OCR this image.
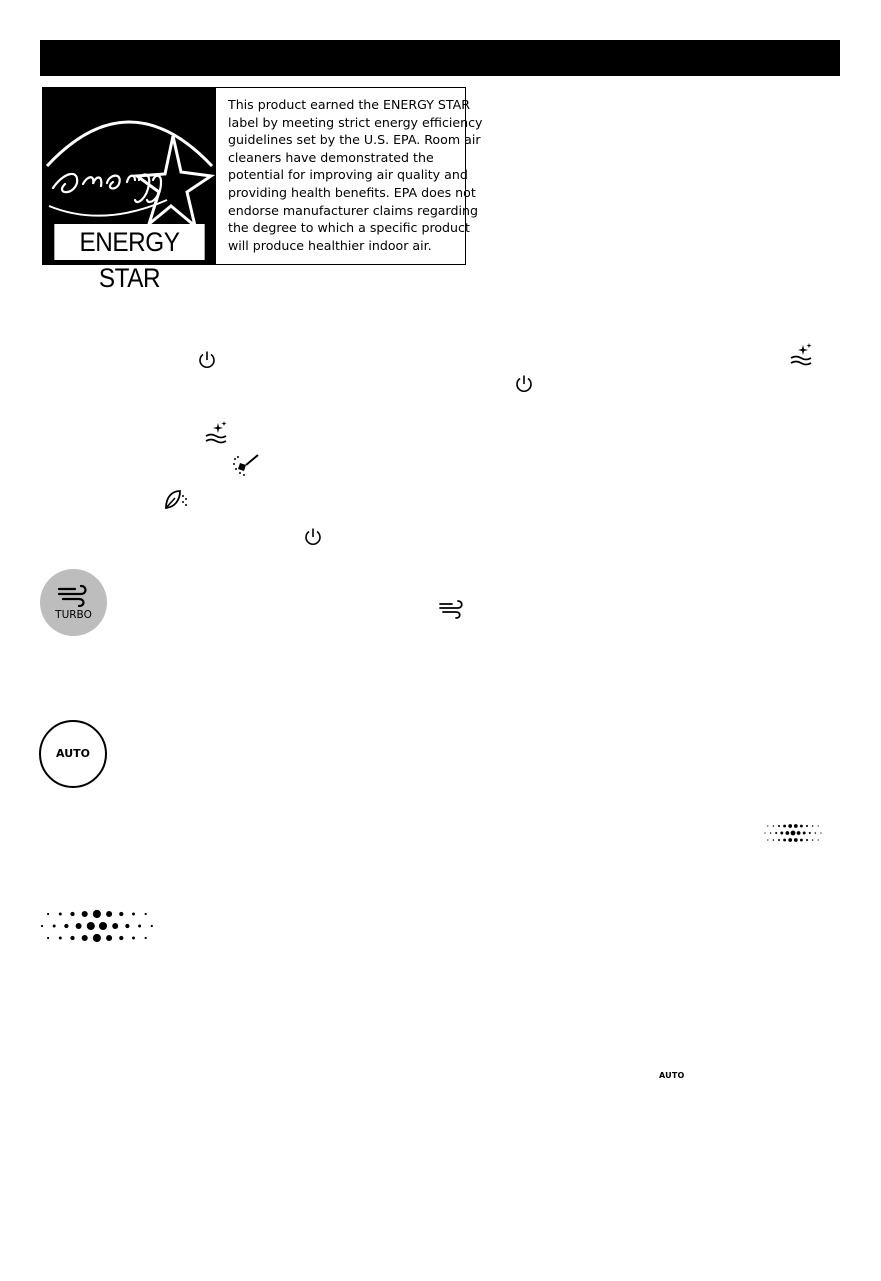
ENERGY STAR
This product earned the ENERGY STAR
label by meeting strict energy efficiency
guidelines set by the U.S. EPA. Room air
cleaners have demonstrated the
potential for improving air quality and
providing health benefits. EPA does not
endorse manufacturer claims regarding
the degree to which a specific product
will produce healthier indoor air.
TURBO
AUTO
AUTO
